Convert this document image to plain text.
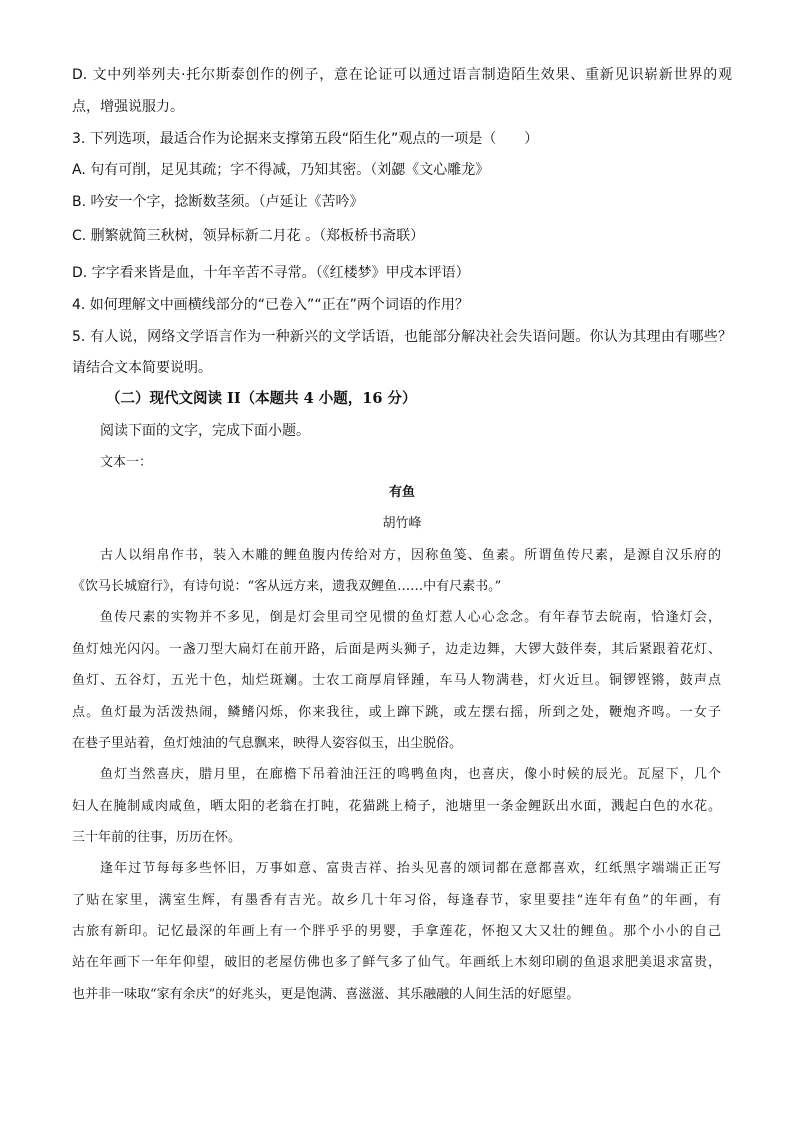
D. 文中列举列夫·托尔斯泰创作的例子，意在论证可以通过语言制造陌生效果、重新见识崭新世界的观
点，增强说服力。
3. 下列选项，最适合作为论据来支撑第五段“陌生化”观点的一项是（　　）
A. 句有可削，足见其疏；字不得减，乃知其密。（刘勰《文心雕龙》
B. 吟安一个字，捻断数茎须。（卢延让《苦吟》
C. 删繁就简三秋树，领异标新二月花 。（郑板桥书斋联）
D. 字字看来皆是血，十年辛苦不寻常。（《红楼梦》甲戌本评语）
4. 如何理解文中画横线部分的“已卷入”“正在”两个词语的作用？
5. 有人说，网络文学语言作为一种新兴的文学话语，也能部分解决社会失语问题。你认为其理由有哪些？
请结合文本简要说明。
（二）现代文阅读 II（本题共 4 小题，16 分）
阅读下面的文字，完成下面小题。
文本一：
有鱼
胡竹峰
古人以绢帛作书，装入木雕的鲤鱼腹内传给对方，因称鱼笺、鱼素。所谓鱼传尺素，是源自汉乐府的
《饮马长城窟行》，有诗句说：“客从远方来，遗我双鲤鱼……中有尺素书。”
鱼传尺素的实物并不多见，倒是灯会里司空见惯的鱼灯惹人心心念念。有年春节去皖南，恰逢灯会，
鱼灯烛光闪闪。一盏刀型大扁灯在前开路，后面是两头狮子，边走边舞，大锣大鼓伴奏，其后紧跟着花灯、
鱼灯、五谷灯，五光十色，灿烂斑斓。士农工商厚肩铎踵，车马人物满巷，灯火近旦。铜锣铿锵，鼓声点
点。鱼灯最为活泼热闹，鳞鳍闪烁，你来我往，或上蹿下跳，或左摆右摇，所到之处，鞭炮齐鸣。一女子
在巷子里站着，鱼灯烛油的气息飘来，映得人姿容似玉，出尘脱俗。
鱼灯当然喜庆，腊月里，在廊檐下吊着油汪汪的鸣鸭鱼肉，也喜庆，像小时候的辰光。瓦屋下，几个
妇人在腌制咸肉咸鱼，晒太阳的老翁在打盹，花猫跳上椅子，池塘里一条金鲤跃出水面，溅起白色的水花。
三十年前的往事，历历在怀。
逢年过节每每多些怀旧，万事如意、富贵吉祥、抬头见喜的颂词都在意都喜欢，红纸黑字端端正正写
了贴在家里，满室生辉，有墨香有吉光。故乡几十年习俗，每逢春节，家里要挂“连年有鱼”的年画，有
古旅有新印。记忆最深的年画上有一个胖乎乎的男婴，手拿莲花，怀抱又大又壮的鲤鱼。那个小小的自己
站在年画下一年年仰望，破旧的老屋仿佛也多了鲜气多了仙气。年画纸上木刻印刷的鱼退求肥美退求富贵，
也并非一味取“家有余庆”的好兆头，更是饱满、喜滋滋、其乐融融的人间生活的好愿望。
